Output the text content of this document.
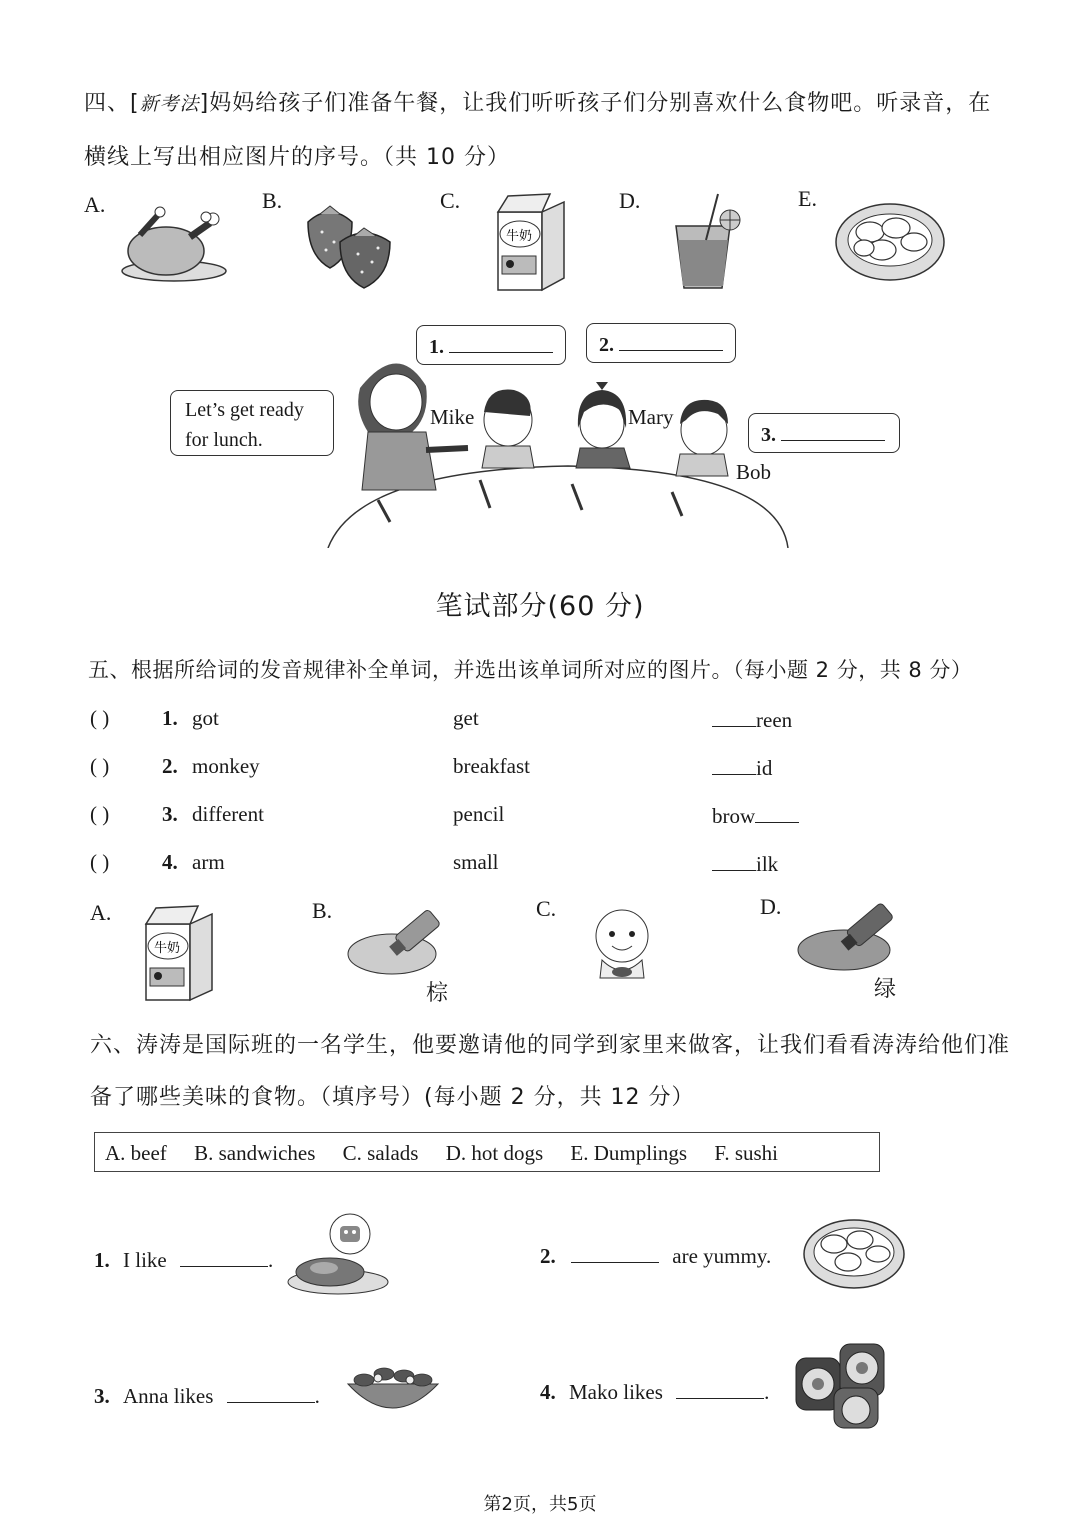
四、[新考法]妈妈给孩子们准备午餐，让我们听听孩子们分别喜欢什么食物吧。听录音，在
横线上写出相应图片的序号。（共 10 分）
A.	B.	C.	D.	E.
牛奶
Let’s get ready
for lunch.
1.	2.
3.
Mike	Mary
Bob
笔试部分(60 分)
五、根据所给词的发音规律补全单词，并选出该单词所对应的图片。（每小题 2 分，共 8 分）
( )	1. got	get	reen
( )	2. monkey	breakfast	id
( )	3. different	pencil	brow
( )	4. arm	small	ilk
A.	B.	C.	D.
牛奶
棕	绿
六、涛涛是国际班的一名学生，他要邀请他的同学到家里来做客，让我们看看涛涛给他们准
备了哪些美味的食物。（填序号）(每小题 2 分，共 12 分）
A. beef B. sandwiches C. salads D. hot dogs E. Dumplings F. sushi
1. I like	.	2.	are yummy.
3. Anna likes	.	4. Mako likes	.
第2页，共5页
